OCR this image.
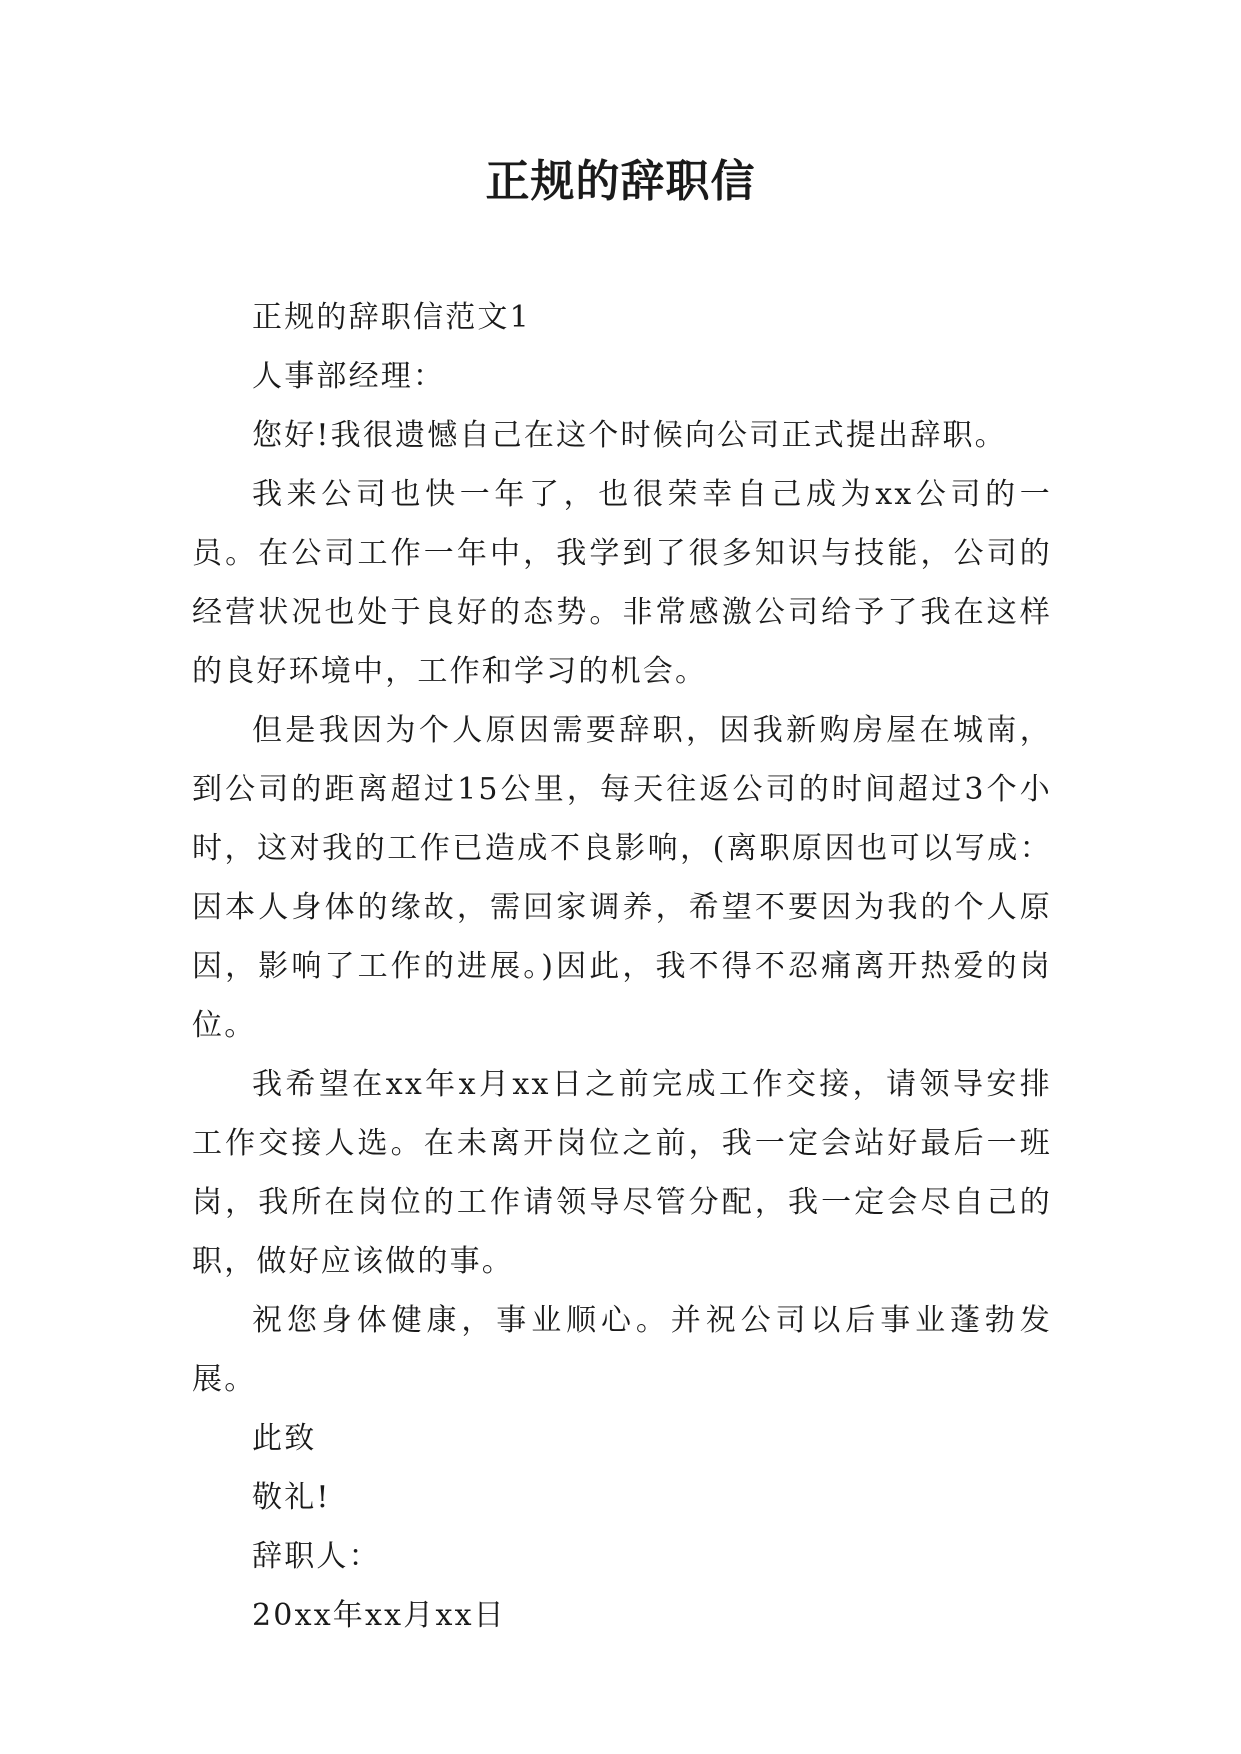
正规的辞职信

正规的辞职信范文1

人事部经理：

您好!我很遗憾自己在这个时候向公司正式提出辞职。

我来公司也快一年了，也很荣幸自己成为xx公司的一员。在公司工作一年中，我学到了很多知识与技能，公司的经营状况也处于良好的态势。非常感激公司给予了我在这样的良好环境中，工作和学习的机会。

但是我因为个人原因需要辞职，因我新购房屋在城南，到公司的距离超过15公里，每天往返公司的时间超过3个小时，这对我的工作已造成不良影响，(离职原因也可以写成：因本人身体的缘故，需回家调养，希望不要因为我的个人原因，影响了工作的进展。)因此，我不得不忍痛离开热爱的岗位。

我希望在xx年x月xx日之前完成工作交接，请领导安排工作交接人选。在未离开岗位之前，我一定会站好最后一班岗，我所在岗位的工作请领导尽管分配，我一定会尽自己的职，做好应该做的事。

祝您身体健康，事业顺心。并祝公司以后事业蓬勃发展。

此致

敬礼!

辞职人：

20xx年xx月xx日
